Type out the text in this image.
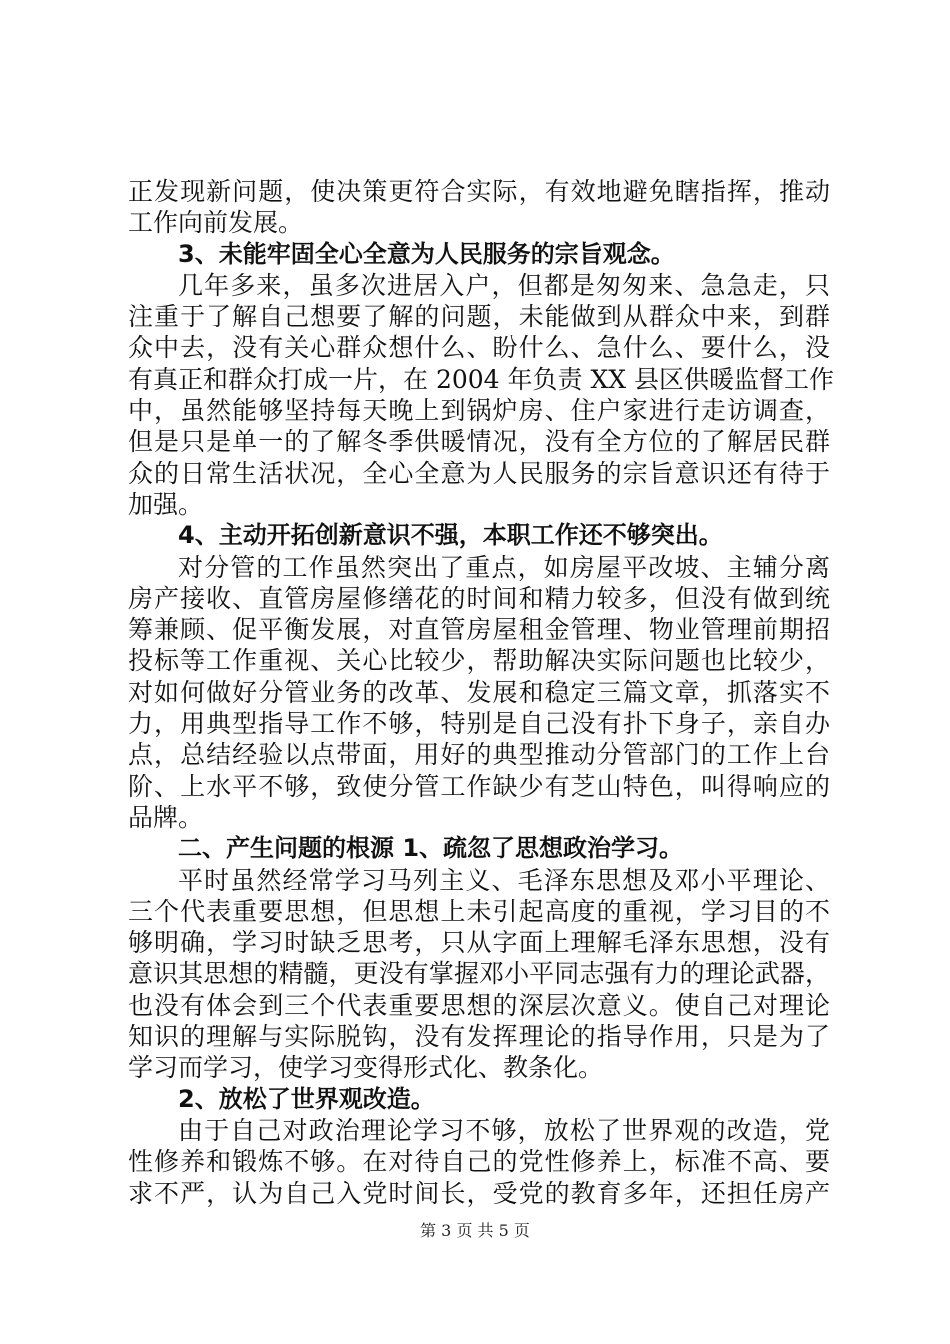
正发现新问题，使决策更符合实际，有效地避免瞎指挥，推动
工作向前发展。
3、未能牢固全心全意为人民服务的宗旨观念。
几年多来，虽多次进居入户，但都是匆匆来、急急走，只
注重于了解自己想要了解的问题，未能做到从群众中来，到群
众中去，没有关心群众想什么、盼什么、急什么、要什么，没
有真正和群众打成一片，在 2004 年负责 XX 县区供暖监督工作
中，虽然能够坚持每天晚上到锅炉房、住户家进行走访调查，
但是只是单一的了解冬季供暖情况，没有全方位的了解居民群
众的日常生活状况，全心全意为人民服务的宗旨意识还有待于
加强。
4、主动开拓创新意识不强，本职工作还不够突出。
对分管的工作虽然突出了重点，如房屋平改坡、主辅分离
房产接收、直管房屋修缮花的时间和精力较多，但没有做到统
筹兼顾、促平衡发展，对直管房屋租金管理、物业管理前期招
投标等工作重视、关心比较少，帮助解决实际问题也比较少，
对如何做好分管业务的改革、发展和稳定三篇文章，抓落实不
力，用典型指导工作不够，特别是自己没有扑下身子，亲自办
点，总结经验以点带面，用好的典型推动分管部门的工作上台
阶、上水平不够，致使分管工作缺少有芝山特色，叫得响应的
品牌。
二、产生问题的根源 1、疏忽了思想政治学习。
平时虽然经常学习马列主义、毛泽东思想及邓小平理论、
三个代表重要思想，但思想上未引起高度的重视，学习目的不
够明确，学习时缺乏思考，只从字面上理解毛泽东思想，没有
意识其思想的精髓，更没有掌握邓小平同志强有力的理论武器，
也没有体会到三个代表重要思想的深层次意义。使自己对理论
知识的理解与实际脱钩，没有发挥理论的指导作用，只是为了
学习而学习，使学习变得形式化、教条化。
2、放松了世界观改造。
由于自己对政治理论学习不够，放松了世界观的改造，党
性修养和锻炼不够。在对待自己的党性修养上，标准不高、要
求不严，认为自己入党时间长，受党的教育多年，还担任房产
第 3 页 共 5 页
